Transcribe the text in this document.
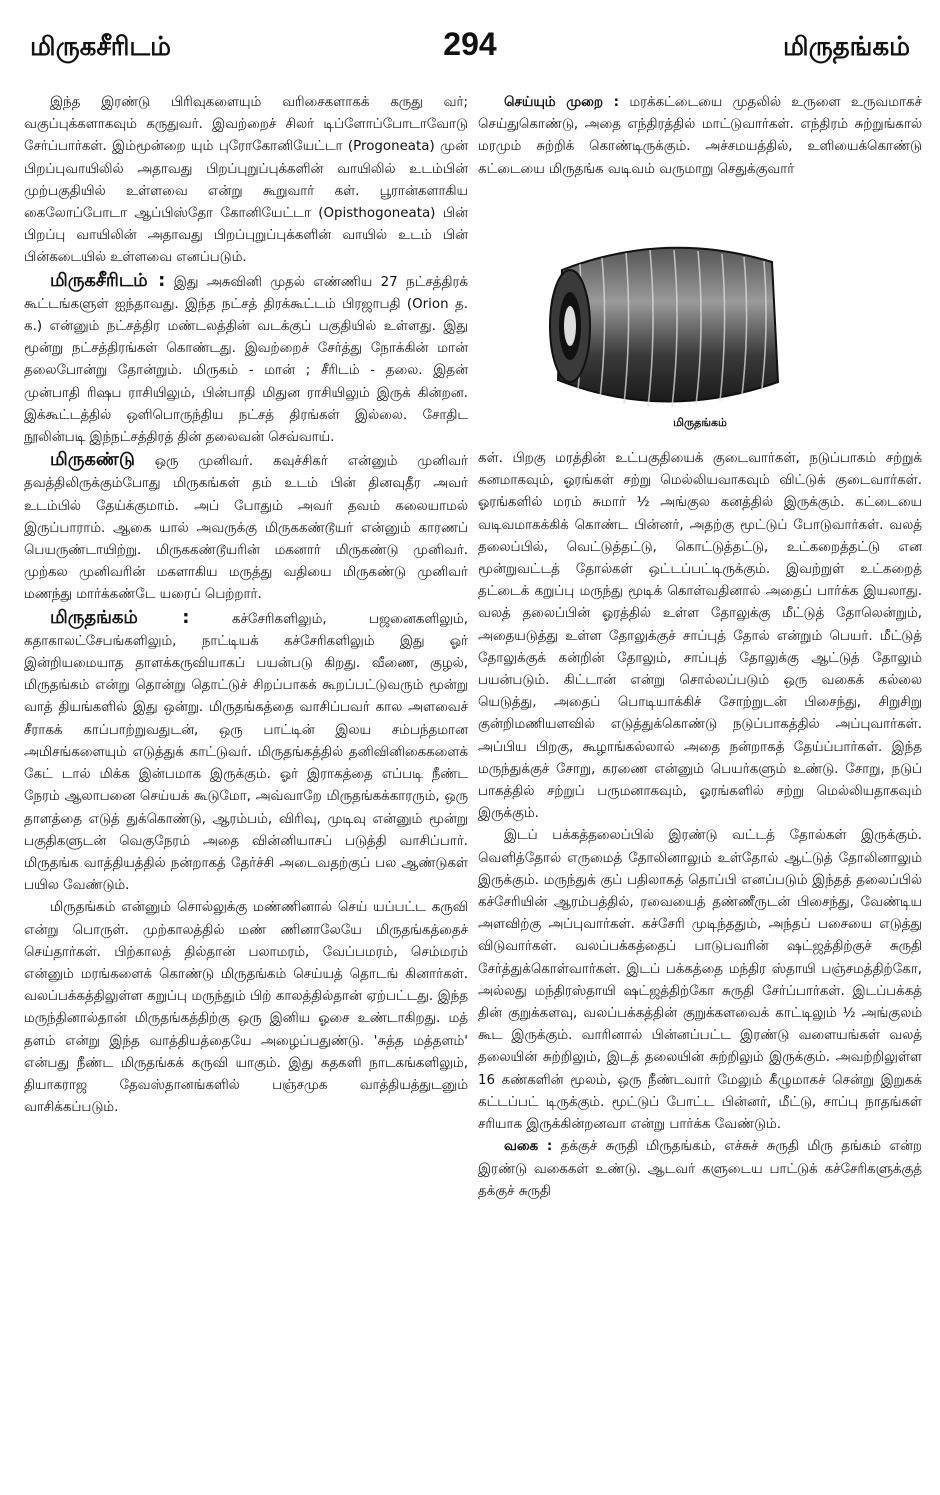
மிருகசீரிடம்	294	மிருதங்கம்

இந்த இரண்டு பிரிவுகளையும் வரிசைகளாகக் கருது வர்; வகுப்புக்களாகவும் கருதுவர். இவற்றைச் சிலர் டிப்ளோப்போடாவோடு சேர்ப்பார்கள். இம்மூன்றை யும் புரோகோனியேட்டா (Progoneata) முன் பிறப்புவாயிலில் அதாவது பிறப்புறுப்புக்களின் வாயிலில் உடம்பின் முற்பகுதியில் உள்ளவை என்று கூறுவார் கள். பூரான்களாகிய கைலோப்போடா ஆப்பிஸ்தோ கோனியேட்டா (Opisthogoneata) பின் பிறப்பு வாயிலின் அதாவது பிறப்புறுப்புக்களின் வாயில் உடம் பின் பின்கடையில் உள்ளவை எனப்படும்.

மிருகசீரிடம் : இது அசுவினி முதல் எண்ணிய 27 நட்சத்திரக் கூட்டங்களுள் ஐந்தாவது. இந்த நட்சத் திரக்கூட்டம் பிரஜாபதி (Orion த. க.) என்னும் நட்சத்திர மண்டலத்தின் வடக்குப் பகுதியில் உள்ளது. இது மூன்று நட்சத்திரங்கள் கொண்டது. இவற்றைச் சேர்த்து நோக்கின் மான் தலைபோன்று தோன்றும். மிருகம் - மான் ; சீரிடம் - தலை. இதன் முன்பாதி ரிஷப ராசியிலும், பின்பாதி மிதுன ராசியிலும் இருக் கின்றன. இக்கூட்டத்தில் ஒளிபொருந்திய நட்சத் திரங்கள் இல்லை. சோதிட நூலின்படி இந்நட்சத்திரத் தின் தலைவன் செவ்வாய்.

மிருகண்டு ஒரு முனிவர். கவுச்சிகர் என்னும் முனிவர் தவத்திலிருக்கும்போது மிருகங்கள் தம் உடம் பின் தினவுதீர அவர் உடம்பில் தேய்க்குமாம். அப் போதும் அவர் தவம் கலையாமல் இருப்பாராம். ஆகை யால் அவருக்கு மிருககண்டூயர் என்னும் காரணப் பெயருண்டாயிற்று. மிருககண்டூயரின் மகனார் மிருகண்டு முனிவர். முற்கல முனிவரின் மகளாகிய மருத்து வதியை மிருகண்டு முனிவர் மணந்து மார்க்கண்டே யரைப் பெற்றார்.

மிருதங்கம் :	கச்சேரிகளிலும், பஜனைகளிலும், கதாகாலட்சேபங்களிலும், நாட்டியக் கச்சேரிகளிலும் இது ஓர் இன்றியமையாத தாளக்கருவியாகப் பயன்படு கிறது. வீணை, குழல், மிருதங்கம் என்று தொன்று தொட்டுச் சிறப்பாகக் கூறப்பட்டுவரும் மூன்று வாத் தியங்களில் இது ஒன்று. மிருதங்கத்தை வாசிப்பவர் கால அளவைச் சீராகக் காப்பாற்றுவதுடன், ஒரு பாட்டின் இலய சம்பந்தமான அமிசங்களையும் எடுத்துக் காட்டுவர். மிருதங்கத்தில் தனிவினிகைகளைக் கேட் டால் மிக்க இன்பமாக இருக்கும். ஓர் இராகத்தை எப்படி நீண்ட நேரம் ஆலாபனை செய்யக் கூடுமோ, அவ்வாறே மிருதங்கக்காரரும், ஒரு தாளத்தை எடுத் துக்கொண்டு, ஆரம்பம், விரிவு, முடிவு என்னும் மூன்று பகுதிகளுடன் வெகுநேரம் அதை வின்னியாசப் படுத்தி வாசிப்பார். மிருதங்க வாத்தியத்தில் நன்றாகத் தேர்ச்சி அடைவதற்குப் பல ஆண்டுகள் பயில வேண்டும்.

மிருதங்கம் என்னும் சொல்லுக்கு மண்ணினால் செய் யப்பட்ட கருவி என்று பொருள். முற்காலத்தில் மண் ணினாலேயே மிருதங்கத்தைச் செய்தார்கள். பிற்காலத் தில்தான் பலாமரம், வேப்பமரம், செம்மரம் என்னும் மரங்களைக் கொண்டு மிருதங்கம் செய்யத் தொடங் கினார்கள். வலப்பக்கத்திலுள்ள கறுப்பு மருந்தும் பிற் காலத்தில்தான் ஏற்பட்டது. இந்த மருந்தினால்தான் மிருதங்கத்திற்கு ஒரு இனிய ஓசை உண்டாகிறது. மத் தளம் என்று இந்த வாத்தியத்தையே அழைப்பதுண்டு. 'சுத்த மத்தளம்' என்பது நீண்ட மிருதங்கக் கருவி யாகும். இது கதகளி நாடகங்களிலும், தியாகராஜ தேவஸ்தானங்களில் பஞ்சமுக வாத்தியத்துடனும் வாசிக்கப்படும்.

செய்யும் முறை : மரக்கட்டையை முதலில் உருளை உருவமாகச் செய்துகொண்டு, அதை எந்திரத்தில் மாட்டுவார்கள். எந்திரம் சுற்றுங்கால் மரமும் சுற்றிக் கொண்டிருக்கும். அச்சமயத்தில், உளியைக்கொண்டு கட்டையை மிருதங்க வடிவம் வருமாறு செதுக்குவார்

மிருதங்கம்

கள். பிறகு மரத்தின் உட்பகுதியைக் குடைவார்கள், நடுப்பாகம் சற்றுக் கனமாகவும், ஓரங்கள் சற்று மெல்லியவாகவும் விட்டுக் குடைவார்கள். ஓரங்களில் மரம் சுமார் ½ அங்குல கனத்தில் இருக்கும். கட்டையை வடிவமாகக்கிக் கொண்ட பின்னர், அதற்கு மூட்டுப் போடுவார்கள். வலத் தலைப்பில், வெட்டுத்தட்டு, கொட்டுத்தட்டு, உட்கறைத்தட்டு என மூன்றுவட்டத் தோல்கள் ஒட்டப்பட்டிருக்கும். இவற்றுள் உட்கறைத் தட்டைக் கறுப்பு மருந்து மூடிக் கொள்வதினால் அதைப் பார்க்க இயலாது. வலத் தலைப்பின் ஓரத்தில் உள்ள தோலுக்கு மீட்டுத் தோலென்றும், அதையடுத்து உள்ள தோலுக்குச் சாப்புத் தோல் என்றும் பெயர். மீட்டுத் தோலுக்குக் கன்றின் தோலும், சாப்புத் தோலுக்கு ஆட்டுத் தோலும் பயன்படும். கிட்டான் என்று சொல்லப்படும் ஒரு வகைக் கல்லை யெடுத்து, அதைப் பொடியாக்கிச் சோற்றுடன் பிசைந்து, சிறுசிறு குன்றிமணியளவில் எடுத்துக்கொண்டு நடுப்பாகத்தில் அப்புவார்கள். அப்பிய பிறகு, கூழாங்கல்லால் அதை நன்றாகத் தேய்ப்பார்கள். இந்த மருந்துக்குச் சோறு, கரணை என்னும் பெயர்களும் உண்டு. சோறு, நடுப் பாகத்தில் சற்றுப் பருமனாகவும், ஓரங்களில் சற்று மெல்லியதாகவும் இருக்கும்.

இடப் பக்கத்தலைப்பில் இரண்டு வட்டத் தோல்கள் இருக்கும். வெளித்தோல் எருமைத் தோலினாலும் உள்தோல் ஆட்டுத் தோலினாலும் இருக்கும். மருந்துக் குப் பதிலாகத் தொப்பி எனப்படும் இந்தத் தலைப்பில் கச்சேரியின் ஆரம்பத்தில், ரவையைத் தண்ணீருடன் பிசைந்து, வேண்டிய அளவிற்கு அப்புவார்கள். கச்சேரி முடிந்ததும், அந்தப் பசையை எடுத்து விடுவார்கள். வலப்பக்கத்தைப் பாடுபவரின் ஷட்ஜத்திற்குச் சுருதி சேர்த்துக்கொள்வார்கள். இடப் பக்கத்தை மந்திர ஸ்தாயி பஞ்சமத்திற்கோ, அல்லது மந்திரஸ்தாயி ஷட்ஜத்திற்கோ சுருதி சேர்ப்பார்கள். இடப்பக்கத் தின் குறுக்களவு, வலப்பக்கத்தின் குறுக்களவைக் காட்டிலும் ½ அங்குலம் கூட இருக்கும். வாரினால் பின்னப்பட்ட இரண்டு வளையங்கள் வலத் தலையின் சுற்றிலும், இடத் தலையின் சுற்றிலும் இருக்கும். அவற்றிலுள்ள 16 கண்களின் மூலம், ஒரு நீண்டவார் மேலும் கீழுமாகச் சென்று இறுகக் கட்டப்பட் டிருக்கும். மூட்டுப் போட்ட பின்னர், மீட்டு, சாப்பு நாதங்கள் சரியாக இருக்கின்றனவா என்று பார்க்க வேண்டும்.

வகை : தக்குச் சுருதி மிருதங்கம், எச்சுச் சுருதி மிரு தங்கம் என்ற இரண்டு வகைகள் உண்டு. ஆடவர் களுடைய பாட்டுக் கச்சேரிகளுக்குத் தக்குச் சுருதி
